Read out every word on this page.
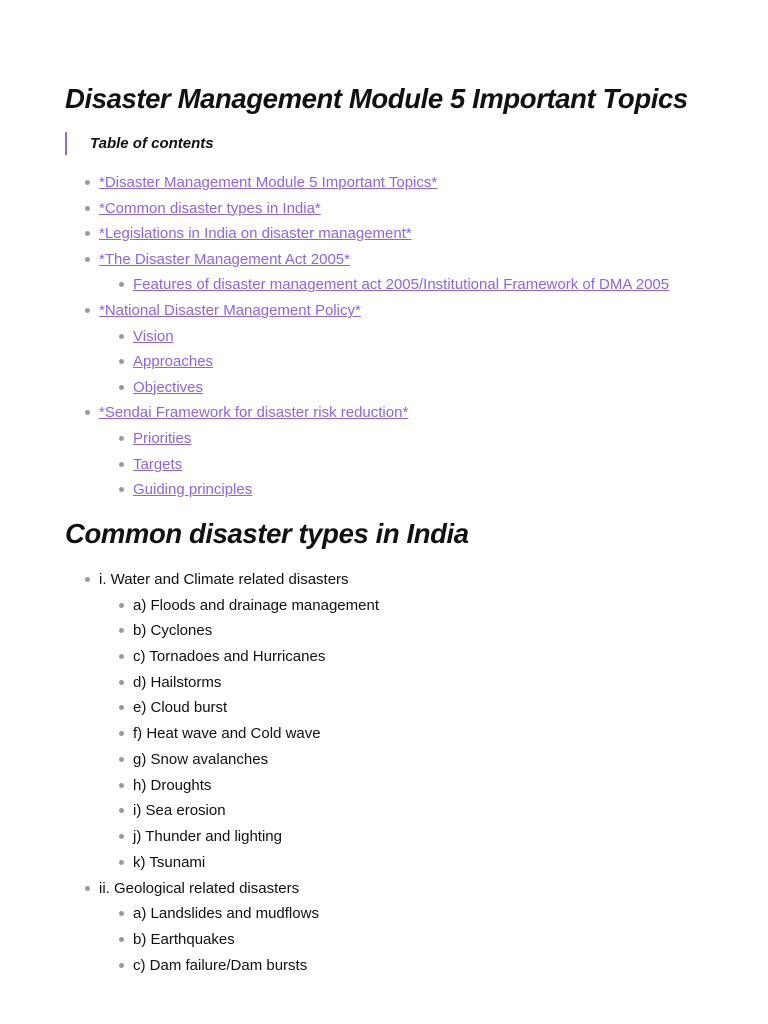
Disaster Management Module 5 Important Topics
Table of contents
*Disaster Management Module 5 Important Topics*
*Common disaster types in India*
*Legislations in India on disaster management*
*The Disaster Management Act 2005*
Features of disaster management act 2005/Institutional Framework of DMA 2005
*National Disaster Management Policy*
Vision
Approaches
Objectives
*Sendai Framework for disaster risk reduction*
Priorities
Targets
Guiding principles
Common disaster types in India
i. Water and Climate related disasters
a) Floods and drainage management
b) Cyclones
c) Tornadoes and Hurricanes
d) Hailstorms
e) Cloud burst
f) Heat wave and Cold wave
g) Snow avalanches
h) Droughts
i) Sea erosion
j) Thunder and lighting
k) Tsunami
ii. Geological related disasters
a) Landslides and mudflows
b) Earthquakes
c) Dam failure/Dam bursts
